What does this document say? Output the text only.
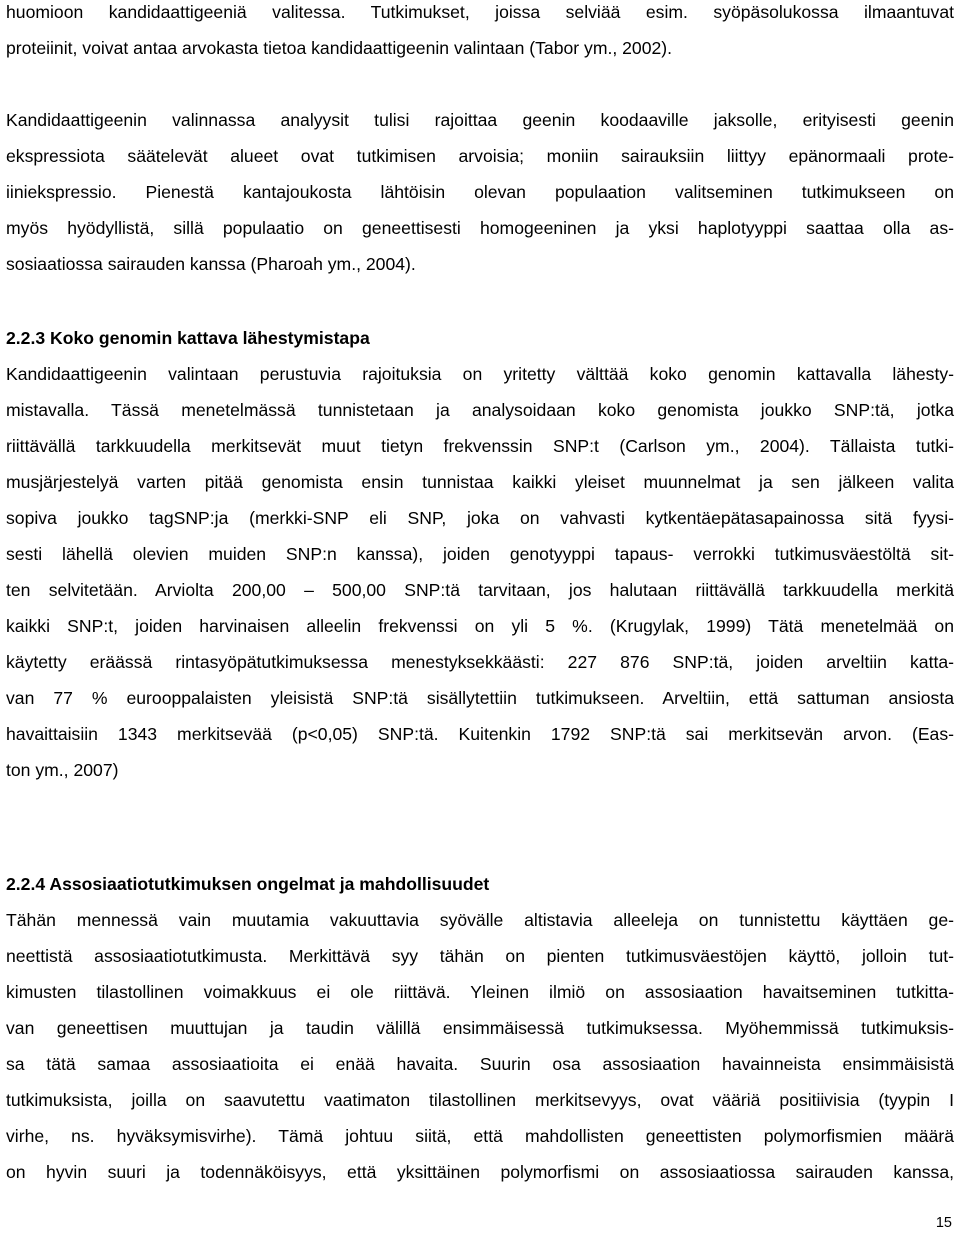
huomioon kandidaattigeeniä valitessa. Tutkimukset, joissa selviää esim. syöpäsolukossa ilmaantuvat
proteiinit, voivat antaa arvokasta tietoa kandidaattigeenin valintaan (Tabor ym., 2002).
Kandidaattigeenin valinnassa analyysit tulisi rajoittaa geenin koodaaville jaksolle, erityisesti geenin
ekspressiota säätelevät alueet ovat tutkimisen arvoisia; moniin sairauksiin liittyy epänormaali prote-
iiniekspressio. Pienestä kantajoukosta lähtöisin olevan populaation valitseminen tutkimukseen on
myös hyödyllistä, sillä populaatio on geneettisesti homogeeninen ja yksi haplotyyppi saattaa olla as-
sosiaatiossa sairauden kanssa (Pharoah ym., 2004).
2.2.3 Koko genomin kattava lähestymistapa
Kandidaattigeenin valintaan perustuvia rajoituksia on yritetty välttää koko genomin kattavalla lähesty-
mistavalla. Tässä menetelmässä tunnistetaan ja analysoidaan koko genomista joukko SNP:tä, jotka
riittävällä tarkkuudella merkitsevät muut tietyn frekvenssin SNP:t (Carlson ym., 2004). Tällaista tutki-
musjärjestelyä varten pitää genomista ensin tunnistaa kaikki yleiset muunnelmat ja sen jälkeen valita
sopiva joukko tagSNP:ja (merkki-SNP eli SNP, joka on vahvasti kytkentäepätasapainossa sitä fyysi-
sesti lähellä olevien muiden SNP:n kanssa), joiden genotyyppi tapaus- verrokki tutkimusväestöltä sit-
ten selvitetään. Arviolta 200,00 – 500,00 SNP:tä tarvitaan, jos halutaan riittävällä tarkkuudella merkitä
kaikki SNP:t, joiden harvinaisen alleelin frekvenssi on yli 5 %. (Krugylak, 1999) Tätä menetelmää on
käytetty eräässä rintasyöpätutkimuksessa menestyksekkäästi: 227 876 SNP:tä, joiden arveltiin katta-
van 77 % eurooppalaisten yleisistä SNP:tä sisällytettiin tutkimukseen. Arveltiin, että sattuman ansiosta
havaittaisiin 1343 merkitsevää (p<0,05) SNP:tä. Kuitenkin 1792 SNP:tä sai merkitsevän arvon. (Eas-
ton ym., 2007)
2.2.4 Assosiaatiotutkimuksen ongelmat ja mahdollisuudet
Tähän mennessä vain muutamia vakuuttavia syövälle altistavia alleeleja on tunnistettu käyttäen ge-
neettistä assosiaatiotutkimusta. Merkittävä syy tähän on pienten tutkimusväestöjen käyttö, jolloin tut-
kimusten tilastollinen voimakkuus ei ole riittävä. Yleinen ilmiö on assosiaation havaitseminen tutkitta-
van geneettisen muuttujan ja taudin välillä ensimmäisessä tutkimuksessa. Myöhemmissä tutkimuksis-
sa tätä samaa assosiaatioita ei enää havaita. Suurin osa assosiaation havainneista ensimmäisistä
tutkimuksista, joilla on saavutettu vaatimaton tilastollinen merkitsevyys, ovat vääriä positiivisia (tyypin I
virhe, ns. hyväksymisvirhe). Tämä johtuu siitä, että mahdollisten geneettisten polymorfismien määrä
on hyvin suuri ja todennäköisyys, että yksittäinen polymorfismi on assosiaatiossa sairauden kanssa,
15
